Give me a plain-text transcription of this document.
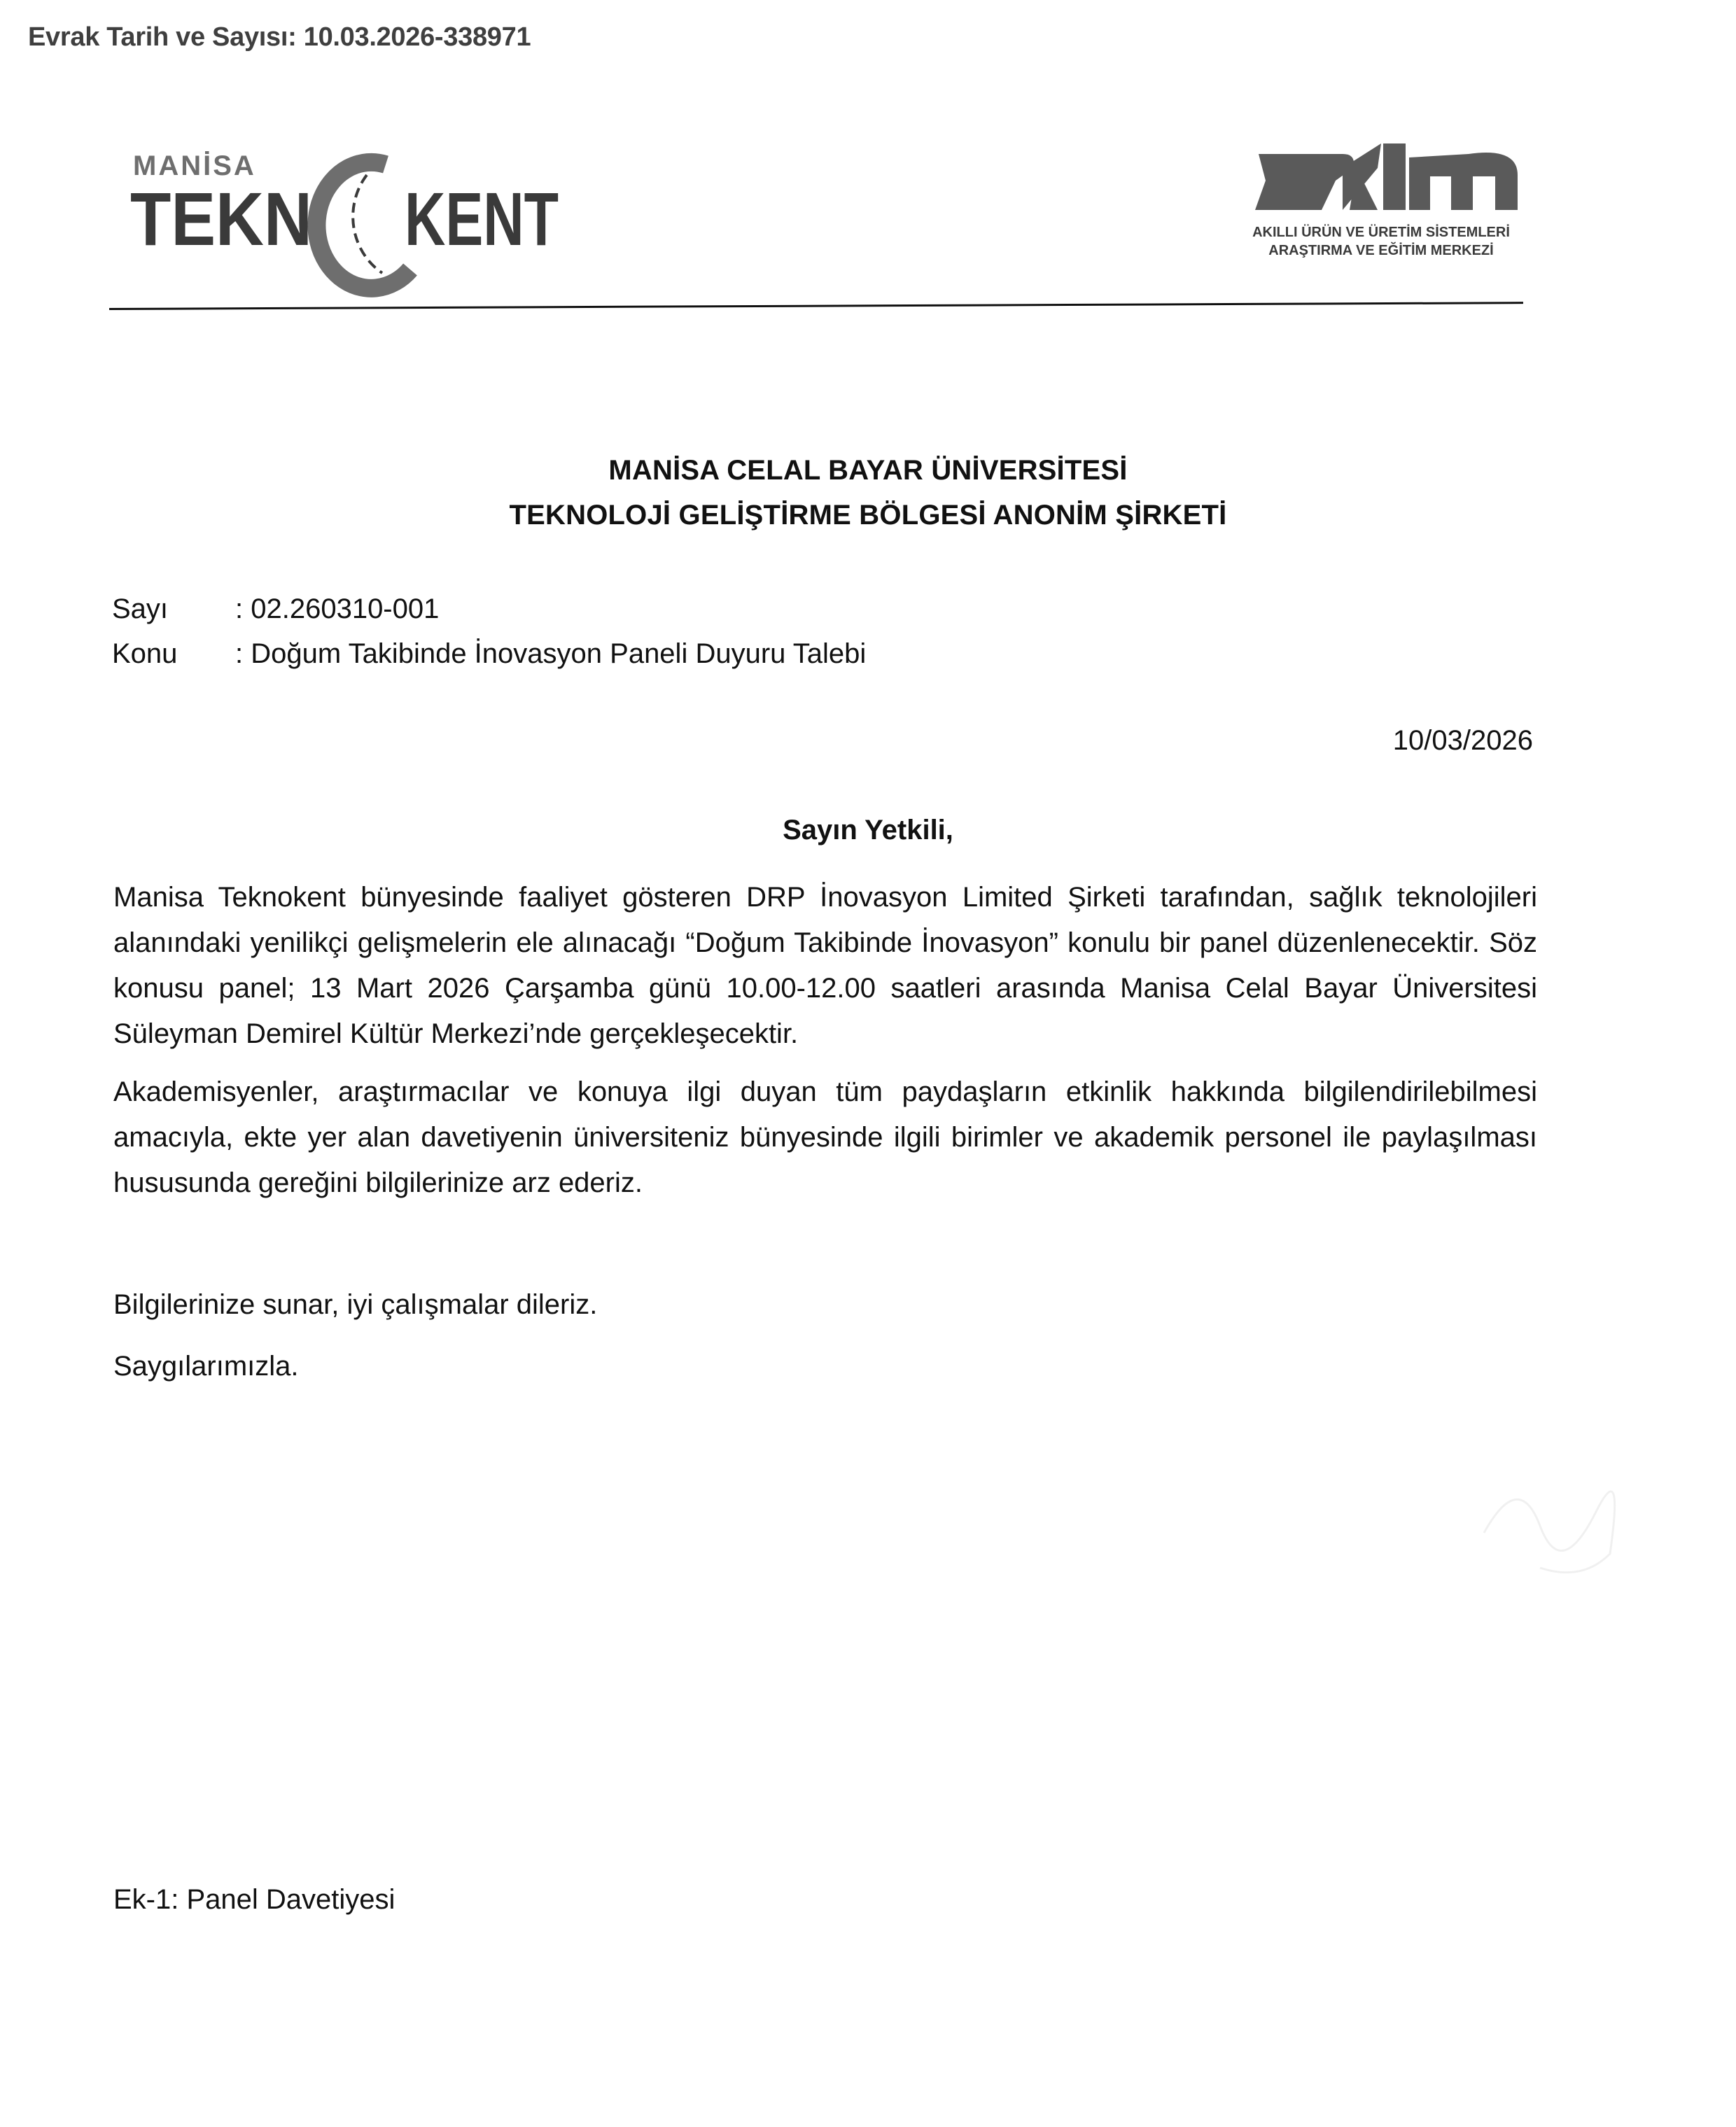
Evrak Tarih ve Sayısı: 10.03.2026-338971
MANİSA
TEKN KENT	AKILLI ÜRÜN VE ÜRETİM SİSTEMLERİ
ARAŞTIRMA VE EĞİTİM MERKEZİ
MANİSA CELAL BAYAR ÜNİVERSİTESİ
TEKNOLOJİ GELİŞTİRME BÖLGESİ ANONİM ŞİRKETİ
Sayı	: 02.260310-001
Konu	: Doğum Takibinde İnovasyon Paneli Duyuru Talebi
10/03/2026
Sayın Yetkili,

Manisa Teknokent bünyesinde faaliyet gösteren DRP İnovasyon Limited Şirketi tarafından, sağlık teknolojileri alanındaki yenilikçi gelişmelerin ele alınacağı “Doğum Takibinde İnovasyon” konulu bir panel düzenlenecektir. Söz konusu panel; 13 Mart 2026 Çarşamba günü 10.00-12.00 saatleri arasında Manisa Celal Bayar Üniversitesi Süleyman Demirel Kültür Merkezi’nde gerçekleşecektir.

Akademisyenler, araştırmacılar ve konuya ilgi duyan tüm paydaşların etkinlik hakkında bilgilendirilebilmesi amacıyla, ekte yer alan davetiyenin üniversiteniz bünyesinde ilgili birimler ve akademik personel ile paylaşılması hususunda gereğini bilgilerinize arz ederiz.

Bilgilerinize sunar, iyi çalışmalar dileriz.
Saygılarımızla.
Ek-1: Panel Davetiyesi
